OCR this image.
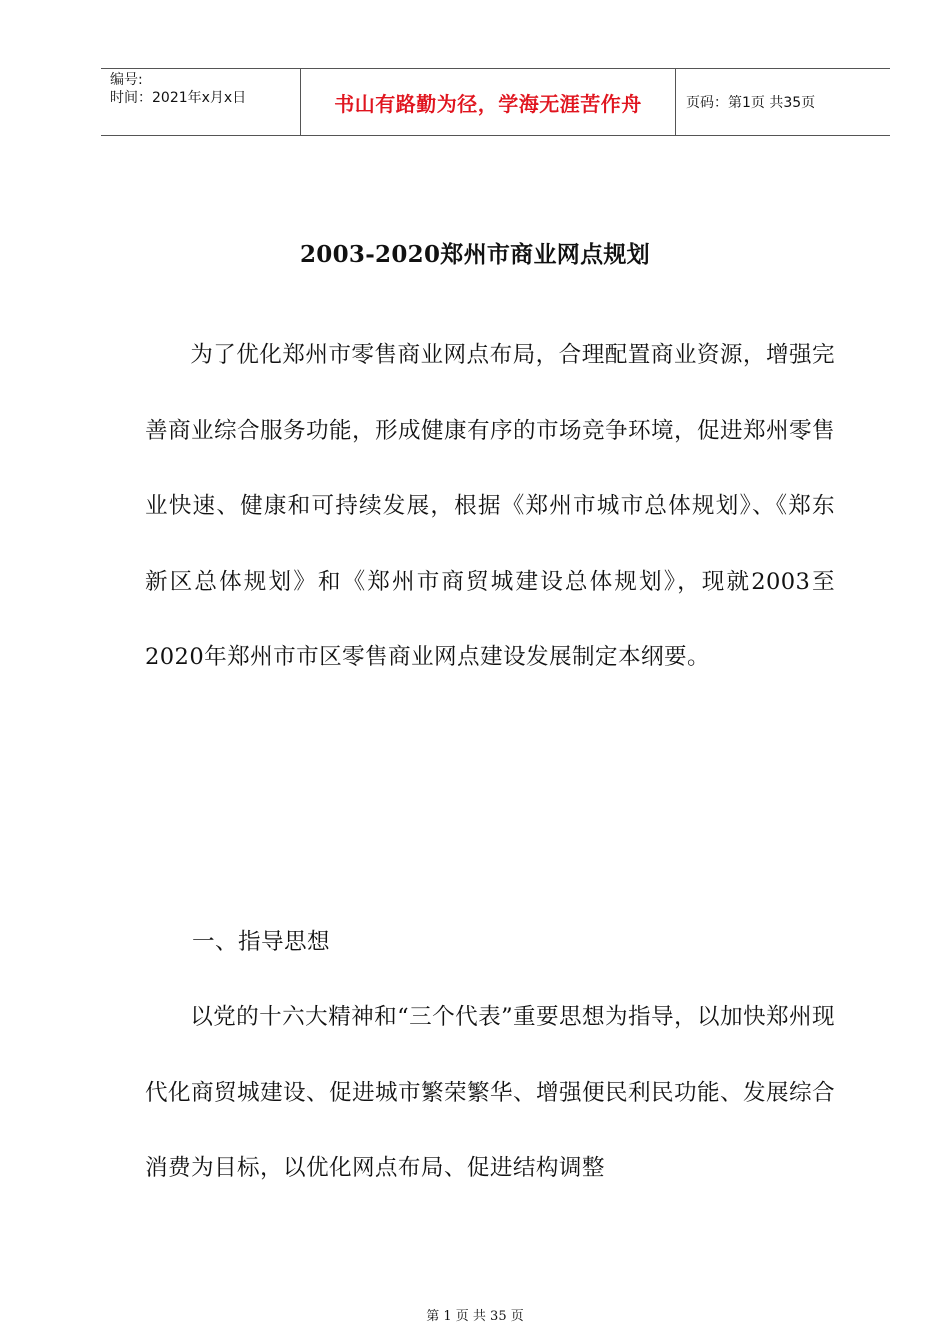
编号:
时间：2021年x月x日	书山有路勤为径，学海无涯苦作舟	页码：第1页 共35页
2003-2020郑州市商业网点规划

为了优化郑州市零售商业网点布局，合理配置商业资源，增强完善商业综合服务功能，形成健康有序的市场竞争环境，促进郑州零售业快速、健康和可持续发展，根据《郑州市城市总体规划》、《郑东新区总体规划》和《郑州市商贸城建设总体规划》，现就2003至2020年郑州市市区零售商业网点建设发展制定本纲要。

一、指导思想

以党的十六大精神和“三个代表”重要思想为指导，以加快郑州现代化商贸城建设、促进城市繁荣繁华、增强便民利民功能、发展综合消费为目标，以优化网点布局、促进结构调整

第 1 页 共 35 页
